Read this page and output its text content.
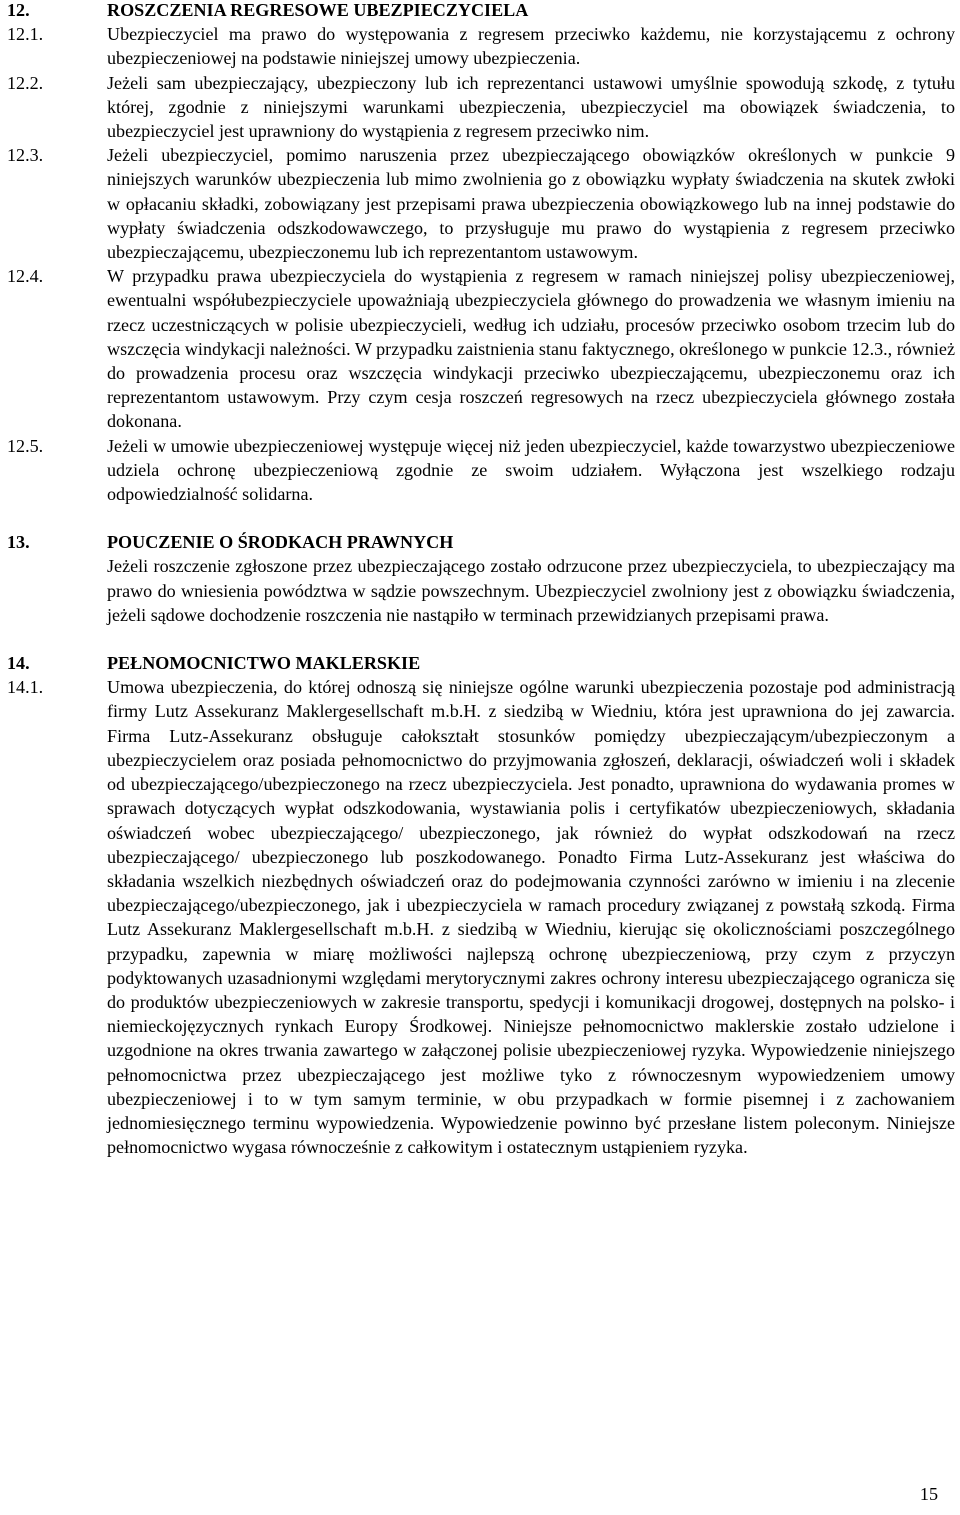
12.	ROSZCZENIA REGRESOWE UBEZPIECZYCIELA
12.1.	Ubezpieczyciel ma prawo do występowania z regresem przeciwko każdemu, nie korzystającemu z ochrony ubezpieczeniowej na podstawie niniejszej umowy ubezpieczenia.
12.2.	Jeżeli sam ubezpieczający, ubezpieczony lub ich reprezentanci ustawowi umyślnie spowodują szkodę, z tytułu której, zgodnie z niniejszymi warunkami ubezpieczenia, ubezpieczyciel ma obowiązek świadczenia, to ubezpieczyciel jest uprawniony do wystąpienia z regresem przeciwko nim.
12.3.	Jeżeli ubezpieczyciel, pomimo naruszenia przez ubezpieczającego obowiązków określonych w punkcie 9 niniejszych warunków ubezpieczenia lub mimo zwolnienia go z obowiązku wypłaty świadczenia na skutek zwłoki w opłacaniu składki, zobowiązany jest przepisami prawa ubezpieczenia obowiązkowego lub na innej podstawie do wypłaty świadczenia odszkodowawczego, to przysługuje mu prawo do wystąpienia z regresem przeciwko ubezpieczającemu, ubezpieczonemu lub ich reprezentantom ustawowym.
12.4.	W przypadku prawa ubezpieczyciela do wystąpienia z regresem w ramach niniejszej polisy ubezpieczeniowej, ewentualni współubezpieczyciele upoważniają ubezpieczyciela głównego do prowadzenia we własnym imieniu na rzecz uczestniczących w polisie ubezpieczycieli, według ich udziału, procesów przeciwko osobom trzecim lub do wszczęcia windykacji należności. W przypadku zaistnienia stanu faktycznego, określonego w punkcie 12.3., również do prowadzenia procesu oraz wszczęcia windykacji przeciwko ubezpieczającemu, ubezpieczonemu oraz ich reprezentantom ustawowym. Przy czym cesja roszczeń regresowych na rzecz ubezpieczyciela głównego została dokonana.
12.5.	Jeżeli w umowie ubezpieczeniowej występuje więcej niż jeden ubezpieczyciel, każde towarzystwo ubezpieczeniowe udziela ochronę ubezpieczeniową zgodnie ze swoim udziałem. Wyłączona jest wszelkiego rodzaju odpowiedzialność solidarna.
13.	POUCZENIE O ŚRODKACH PRAWNYCH
Jeżeli roszczenie zgłoszone przez ubezpieczającego zostało odrzucone przez ubezpieczyciela, to ubezpieczający ma prawo do wniesienia powództwa w sądzie powszechnym. Ubezpieczyciel zwolniony jest z obowiązku świadczenia, jeżeli sądowe dochodzenie roszczenia nie nastąpiło w terminach przewidzianych przepisami prawa.
14.	PEŁNOMOCNICTWO MAKLERSKIE
14.1.	Umowa ubezpieczenia, do której odnoszą się niniejsze ogólne warunki ubezpieczenia pozostaje pod administracją firmy Lutz Assekuranz Maklergesellschaft m.b.H. z siedzibą w Wiedniu, która jest uprawniona do jej zawarcia. Firma Lutz-Assekuranz obsługuje całokształt stosunków pomiędzy ubezpieczającym/ubezpieczonym a ubezpieczycielem oraz posiada pełnomocnictwo do przyjmowania zgłoszeń, deklaracji, oświadczeń woli i składek od ubezpieczającego/ubezpieczonego na rzecz ubezpieczyciela. Jest ponadto, uprawniona do wydawania promes w sprawach dotyczących wypłat odszkodowania, wystawiania polis i certyfikatów ubezpieczeniowych, składania oświadczeń wobec ubezpieczającego/ ubezpieczonego, jak również do wypłat odszkodowań na rzecz ubezpieczającego/ ubezpieczonego lub poszkodowanego. Ponadto Firma Lutz-Assekuranz jest właściwa do składania wszelkich niezbędnych oświadczeń oraz do podejmowania czynności zarówno w imieniu i na zlecenie ubezpieczającego/ubezpieczonego, jak i ubezpieczyciela w ramach procedury związanej z powstałą szkodą. Firma Lutz Assekuranz Maklergesellschaft m.b.H. z siedzibą w Wiedniu, kierując się okolicznościami poszczególnego przypadku, zapewnia w miarę możliwości najlepszą ochronę ubezpieczeniową, przy czym z przyczyn podyktowanych uzasadnionymi względami merytorycznymi zakres ochrony interesu ubezpieczającego ogranicza się do produktów ubezpieczeniowych w zakresie transportu, spedycji i komunikacji drogowej, dostępnych na polsko- i niemieckojęzycznych rynkach Europy Środkowej. Niniejsze pełnomocnictwo maklerskie zostało udzielone i uzgodnione na okres trwania zawartego w załączonej polisie ubezpieczeniowej ryzyka. Wypowiedzenie niniejszego pełnomocnictwa przez ubezpieczającego jest możliwe tyko z równoczesnym wypowiedzeniem umowy ubezpieczeniowej i to w tym samym terminie, w obu przypadkach w formie pisemnej i z zachowaniem jednomiesięcznego terminu wypowiedzenia. Wypowiedzenie powinno być przesłane listem poleconym. Niniejsze pełnomocnictwo wygasa równocześnie z całkowitym i ostatecznym ustąpieniem ryzyka.
15
